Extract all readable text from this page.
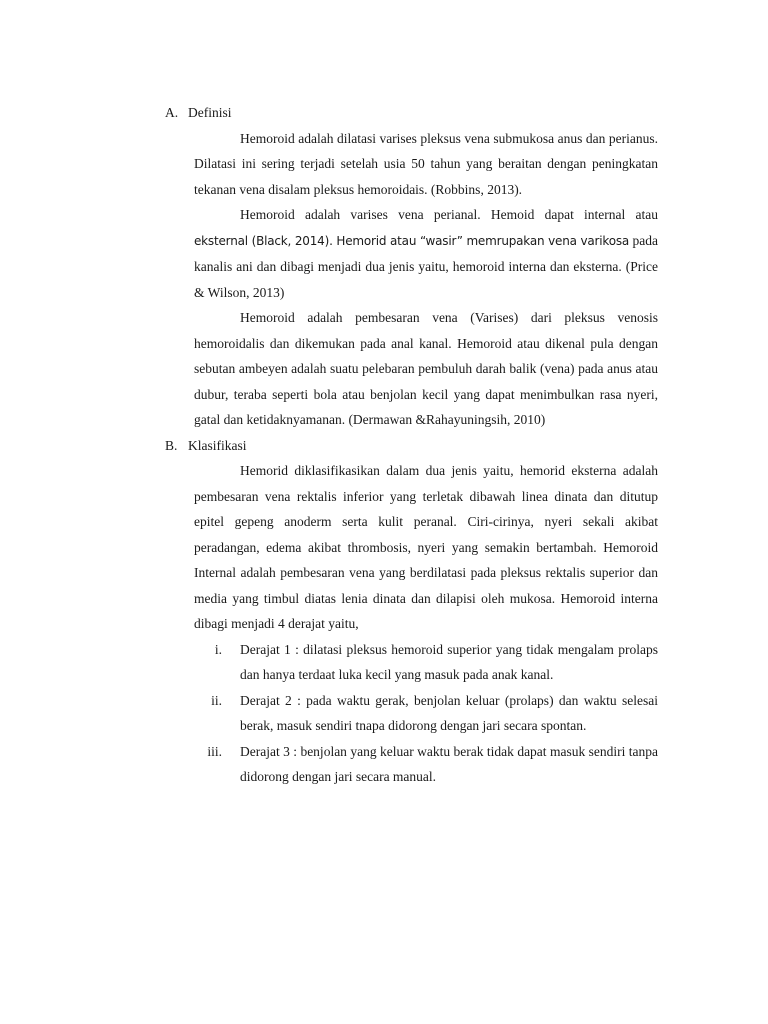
A. Definisi

Hemoroid adalah dilatasi varises pleksus vena submukosa anus dan perianus. Dilatasi ini sering terjadi setelah usia 50 tahun yang beraitan dengan peningkatan tekanan vena disalam pleksus hemoroidais. (Robbins, 2013).

Hemoroid adalah varises vena perianal. Hemoid dapat internal atau eksternal (Black, 2014). Hemorid atau “wasir” memrupakan vena varikosa pada kanalis ani dan dibagi menjadi dua jenis yaitu, hemoroid interna dan eksterna. (Price & Wilson, 2013)

Hemoroid adalah pembesaran vena (Varises) dari pleksus venosis hemoroidalis dan dikemukan pada anal kanal. Hemoroid atau dikenal pula dengan sebutan ambeyen adalah suatu pelebaran pembuluh darah balik (vena) pada anus atau dubur, teraba seperti bola atau benjolan kecil yang dapat menimbulkan rasa nyeri, gatal dan ketidaknyamanan. (Dermawan &Rahayuningsih, 2010)

B. Klasifikasi

Hemorid diklasifikasikan dalam dua jenis yaitu, hemorid eksterna adalah pembesaran vena rektalis inferior yang terletak dibawah linea dinata dan ditutup epitel gepeng anoderm serta kulit peranal. Ciri-cirinya, nyeri sekali akibat peradangan, edema akibat thrombosis, nyeri yang semakin bertambah. Hemoroid Internal adalah pembesaran vena yang berdilatasi pada pleksus rektalis superior dan media yang timbul diatas lenia dinata dan dilapisi oleh mukosa. Hemoroid interna dibagi menjadi 4 derajat yaitu,

i. Derajat 1 : dilatasi pleksus hemoroid superior yang tidak mengalam prolaps dan hanya terdaat luka kecil yang masuk pada anak kanal.
ii. Derajat 2 : pada waktu gerak, benjolan keluar (prolaps) dan waktu selesai berak, masuk sendiri tnapa didorong dengan jari secara spontan.
iii. Derajat 3 : benjolan yang keluar waktu berak tidak dapat masuk sendiri tanpa didorong dengan jari secara manual.
